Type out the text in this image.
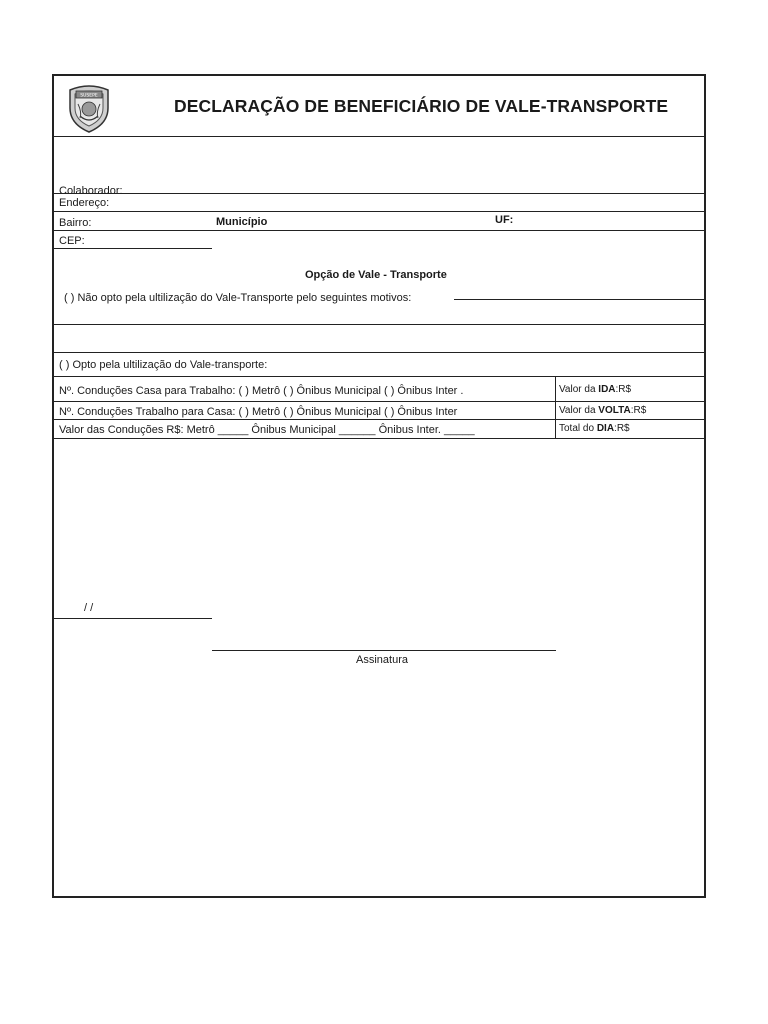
SUSEPE	DECLARAÇÃO DE BENEFICIÁRIO DE VALE-TRANSPORTE
Colaborador:
Endereço:
Bairro:	Município	UF:
CEP:
Opção de Vale - Transporte
( ) Não opto pela ultilização do Vale-Transporte pelo seguintes motivos:
( ) Opto pela ultilização do Vale-transporte:
Nº. Conduções Casa para Trabalho: ( ) Metrô ( ) Ônibus Municipal ( ) Ônibus Inter .	Valor da IDA:R$
Nº. Conduções Trabalho para Casa: ( ) Metrô ( ) Ônibus Municipal ( ) Ônibus Inter	Valor da VOLTA:R$
Valor das Conduções R$: Metrô _____ Ônibus Municipal ______ Ônibus Inter. _____	Total do DIA:R$
/ /
Assinatura
